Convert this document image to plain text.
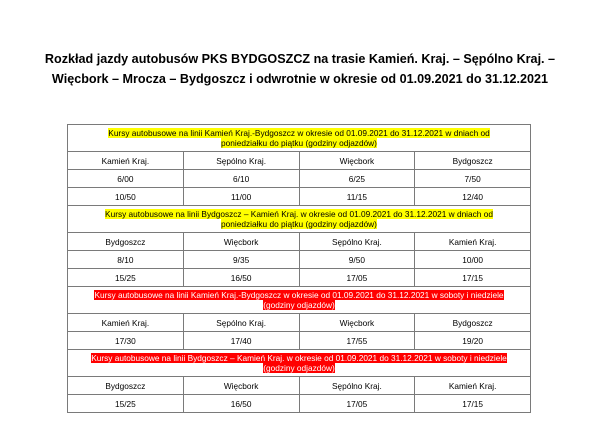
Rozkład jazdy autobusów PKS BYDGOSZCZ na trasie Kamień. Kraj. – Sępólno Kraj. –
Więcbork – Mrocza – Bydgoszcz i odwrotnie w okresie od 01.09.2021 do 31.12.2021
Kursy autobusowe na linii Kamień Kraj.-Bydgoszcz w okresie od 01.09.2021 do 31.12.2021 w dniach od
poniedziałku do piątku (godziny odjazdów)			
Kamień Kraj.	Sępólno Kraj.	Więcbork	Bydgoszcz
6/00	6/10	6/25	7/50
10/50	11/00	11/15	12/40
Kursy autobusowe na linii Bydgoszcz – Kamień Kraj. w okresie od 01.09.2021 do 31.12.2021 w dniach od
poniedziałku do piątku (godziny odjazdów)			
Bydgoszcz	Więcbork	Sępólno Kraj.	Kamień Kraj.
8/10	9/35	9/50	10/00
15/25	16/50	17/05	17/15
Kursy autobusowe na linii Kamień Kraj.-Bydgoszcz w okresie od 01.09.2021 do 31.12.2021 w soboty i niedziele
(godziny odjazdów)			
Kamień Kraj.	Sępólno Kraj.	Więcbork	Bydgoszcz
17/30	17/40	17/55	19/20
Kursy autobusowe na linii Bydgoszcz – Kamień Kraj. w okresie od 01.09.2021 do 31.12.2021 w soboty i niedziele
(godziny odjazdów)			
Bydgoszcz	Więcbork	Sępólno Kraj.	Kamień Kraj.
15/25	16/50	17/05	17/15
